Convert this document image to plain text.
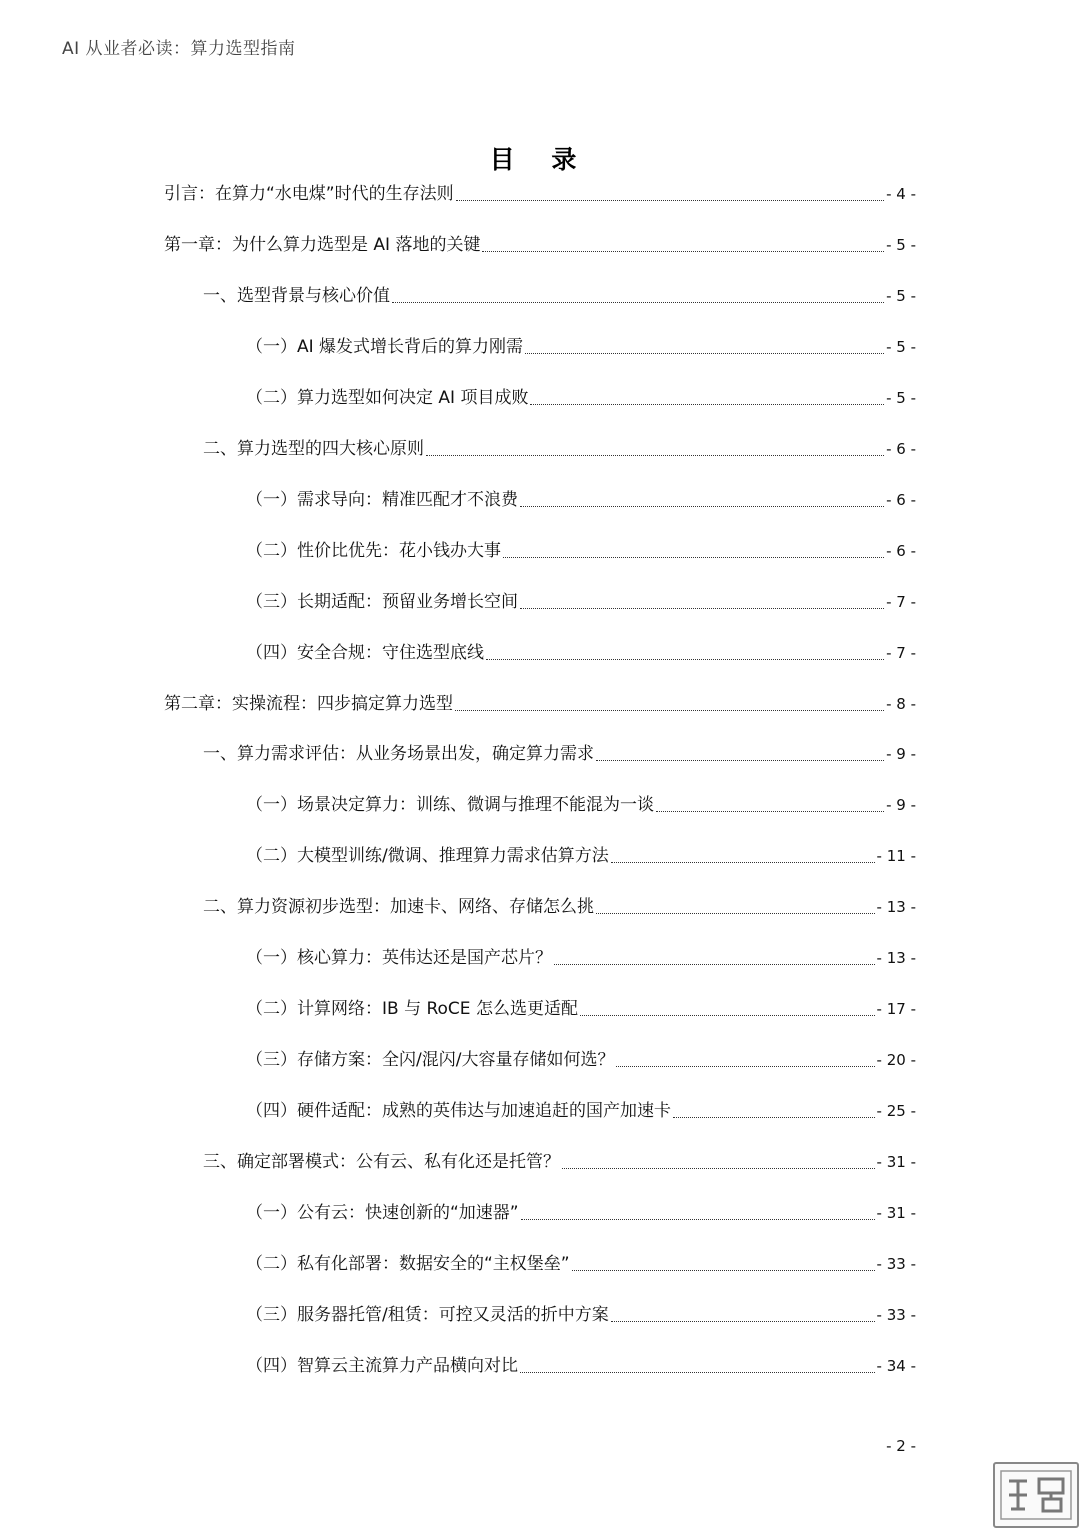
AI 从业者必读：算力选型指南
目 录
引言：在算力“水电煤”时代的生存法则	- 4 -
第一章：为什么算力选型是 AI 落地的关键	- 5 -
一、选型背景与核心价值	- 5 -
（一）AI 爆发式增长背后的算力刚需	- 5 -
（二）算力选型如何决定 AI 项目成败	- 5 -
二、算力选型的四大核心原则	- 6 -
（一）需求导向：精准匹配才不浪费	- 6 -
（二）性价比优先：花小钱办大事	- 6 -
（三）长期适配：预留业务增长空间	- 7 -
（四）安全合规：守住选型底线	- 7 -
第二章：实操流程：四步搞定算力选型	- 8 -
一、算力需求评估：从业务场景出发，确定算力需求	- 9 -
（一）场景决定算力：训练、微调与推理不能混为一谈	- 9 -
（二）大模型训练/微调、推理算力需求估算方法	- 11 -
二、算力资源初步选型：加速卡、网络、存储怎么挑	- 13 -
（一）核心算力：英伟达还是国产芯片？	- 13 -
（二）计算网络：IB 与 RoCE 怎么选更适配	- 17 -
（三）存储方案：全闪/混闪/大容量存储如何选？	- 20 -
（四）硬件适配：成熟的英伟达与加速追赶的国产加速卡	- 25 -
三、确定部署模式：公有云、私有化还是托管？	- 31 -
（一）公有云：快速创新的“加速器”	- 31 -
（二）私有化部署：数据安全的“主权堡垒”	- 33 -
（三）服务器托管/租赁：可控又灵活的折中方案	- 33 -
（四）智算云主流算力产品横向对比	- 34 -
- 2 -
